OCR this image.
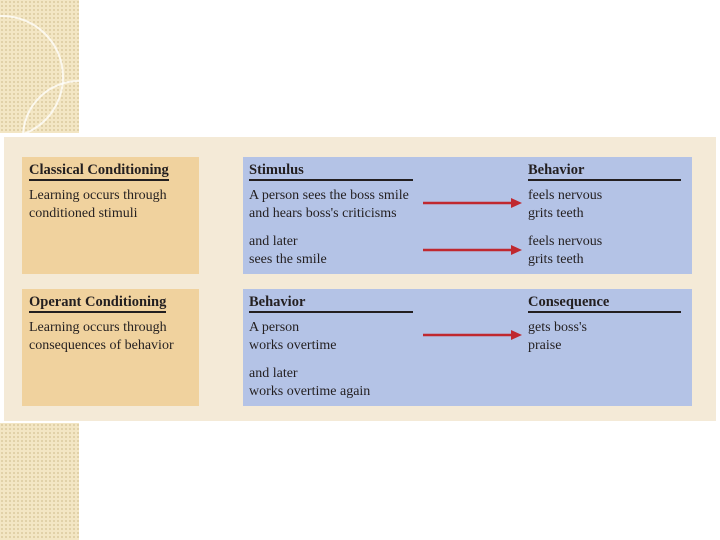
Classical Conditioning
Learning occurs through
conditioned stimuli
Stimulus	Behavior
A person sees the boss smile
and hears boss's criticisms
feels nervous
grits teeth
and later
sees the smile
feels nervous
grits teeth
Operant Conditioning
Learning occurs through
consequences of behavior
Behavior	Consequence
A person
works overtime
gets boss's
praise
and later
works overtime again
